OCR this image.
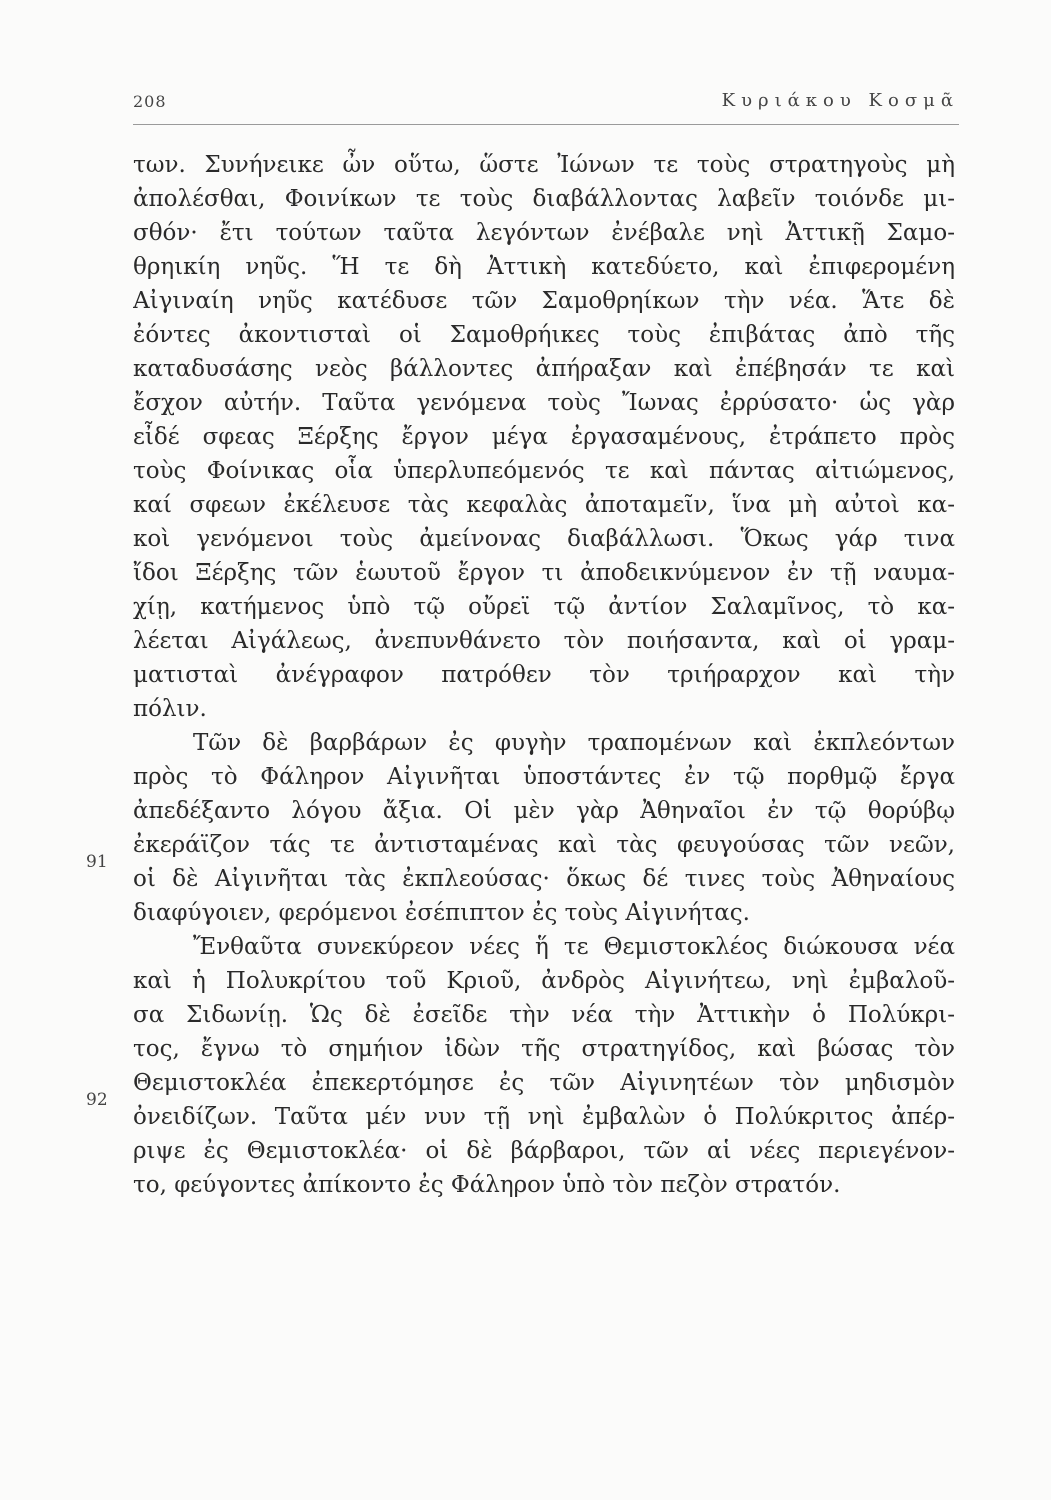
208	Κυριάκου Κοσμᾶ
91
92
των. Συνήνεικε ὦν οὕτω, ὥστε Ἰώνων τε τοὺς στρατηγοὺς μὴ
ἀπολέσθαι, Φοινίκων τε τοὺς διαβάλλοντας λαβεῖν τοιόνδε μι-
σθόν· ἔτι τούτων ταῦτα λεγόντων ἐνέβαλε νηὶ Ἀττικῇ Σαμο-
θρηικίη νηῦς. Ἥ τε δὴ Ἀττικὴ κατεδύετο, καὶ ἐπιφερομένη
Αἰγιναίη νηῦς κατέδυσε τῶν Σαμοθρηίκων τὴν νέα. Ἅτε δὲ
ἐόντες ἀκοντισταὶ οἱ Σαμοθρήικες τοὺς ἐπιβάτας ἀπὸ τῆς
καταδυσάσης νεὸς βάλλοντες ἀπήραξαν καὶ ἐπέβησάν τε καὶ
ἔσχον αὐτήν. Ταῦτα γενόμενα τοὺς Ἴωνας ἐρρύσατο· ὡς γὰρ
εἶδέ σφεας Ξέρξης ἔργον μέγα ἐργασαμένους, ἐτράπετο πρὸς
τοὺς Φοίνικας οἷα ὑπερλυπεόμενός τε καὶ πάντας αἰτιώμενος,
καί σφεων ἐκέλευσε τὰς κεφαλὰς ἀποταμεῖν, ἵνα μὴ αὐτοὶ κα-
κοὶ γενόμενοι τοὺς ἀμείνονας διαβάλλωσι. Ὅκως γάρ τινα
ἴδοι Ξέρξης τῶν ἑωυτοῦ ἔργον τι ἀποδεικνύμενον ἐν τῇ ναυμα-
χίῃ, κατήμενος ὑπὸ τῷ οὔρεϊ τῷ ἀντίον Σαλαμῖνος, τὸ κα-
λέεται Αἰγάλεως, ἀνεπυνθάνετο τὸν ποιήσαντα, καὶ οἱ γραμ-
ματισταὶ ἀνέγραφον πατρόθεν τὸν τριήραρχον καὶ τὴν
πόλιν.
Τῶν δὲ βαρβάρων ἐς φυγὴν τραπομένων καὶ ἐκπλεόντων
πρὸς τὸ Φάληρον Αἰγινῆται ὑποστάντες ἐν τῷ πορθμῷ ἔργα
ἀπεδέξαντο λόγου ἄξια. Οἱ μὲν γὰρ Ἀθηναῖοι ἐν τῷ θορύβῳ
ἐκεράϊζον τάς τε ἀντισταμένας καὶ τὰς φευγούσας τῶν νεῶν,
οἱ δὲ Αἰγινῆται τὰς ἐκπλεούσας· ὅκως δέ τινες τοὺς Ἀθηναίους
διαφύγοιεν, φερόμενοι ἐσέπιπτον ἐς τοὺς Αἰγινήτας.
Ἔνθαῦτα συνεκύρεον νέες ἥ τε Θεμιστοκλέος διώκουσα νέα
καὶ ἡ Πολυκρίτου τοῦ Κριοῦ, ἀνδρὸς Αἰγινήτεω, νηὶ ἐμβαλοῦ-
σα Σιδωνίῃ. Ὡς δὲ ἐσεῖδε τὴν νέα τὴν Ἀττικὴν ὁ Πολύκρι-
τος, ἔγνω τὸ σημήιον ἰδὼν τῆς στρατηγίδος, καὶ βώσας τὸν
Θεμιστοκλέα ἐπεκερτόμησε ἐς τῶν Αἰγινητέων τὸν μηδισμὸν
ὀνειδίζων. Ταῦτα μέν νυν τῇ νηὶ ἐμβαλὼν ὁ Πολύκριτος ἀπέρ-
ριψε ἐς Θεμιστοκλέα· οἱ δὲ βάρβαροι, τῶν αἱ νέες περιεγένον-
το, φεύγοντες ἀπίκοντο ἐς Φάληρον ὑπὸ τὸν πεζὸν στρατόν.
